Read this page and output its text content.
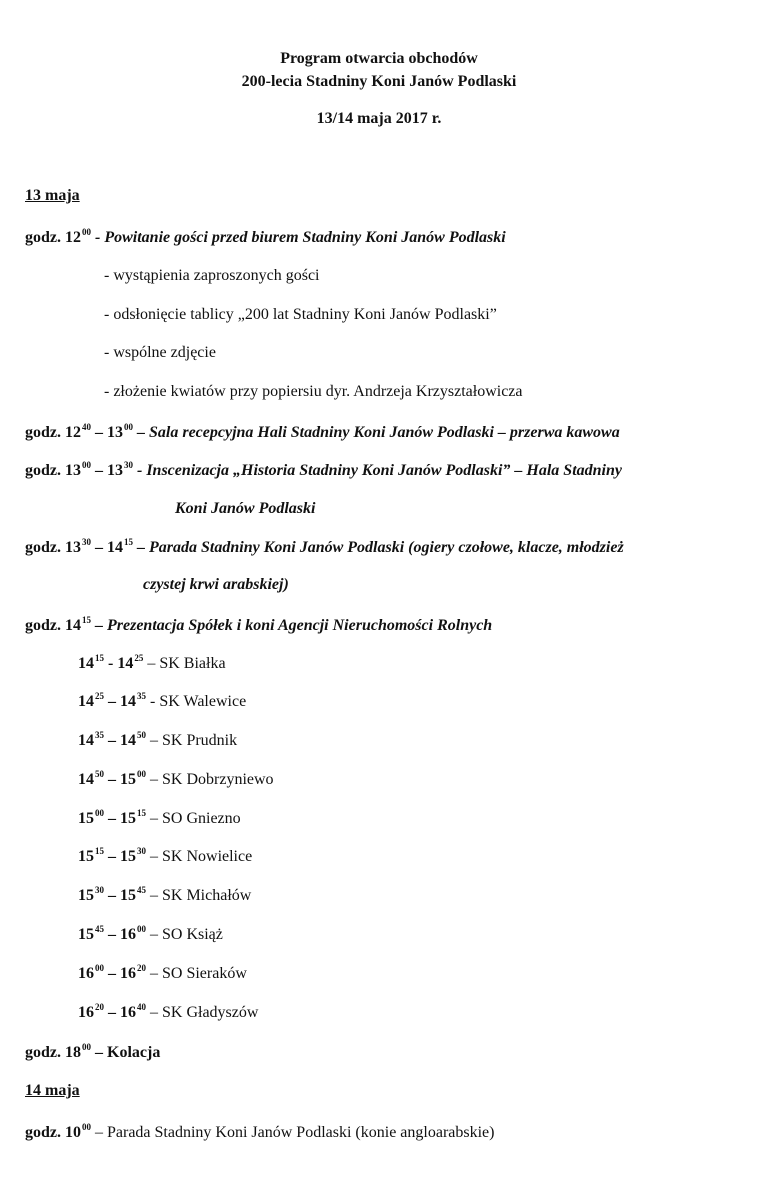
Program otwarcia obchodów
200-lecia Stadniny Koni Janów Podlaski
13/14 maja 2017 r.
13 maja
godz. $12^{00}$ - Powitanie gości przed biurem Stadniny Koni Janów Podlaski
- wystąpienia zaproszonych gości
- odsłonięcie tablicy „200 lat Stadniny Koni Janów Podlaski”
- wspólne zdjęcie
- złożenie kwiatów przy popiersiu dyr. Andrzeja Krzyształowicza
godz. $12^{40} - 13^{00}$ – Sala recepcyjna Hali Stadniny Koni Janów Podlaski – przerwa kawowa
godz. $13^{00} - 13^{30}$ - Inscenizacja „Historia Stadniny Koni Janów Podlaski” – Hala Stadniny
Koni Janów Podlaski
godz. $13^{30} - 14^{15}$ – Parada Stadniny Koni Janów Podlaski (ogiery czołowe, klacze, młodzież
czystej krwi arabskiej)
godz. $14^{15}$ – Prezentacja Spółek i koni Agencji Nieruchomości Rolnych
$14^{15} - 14^{25}$ – SK Białka
$14^{25} - 14^{35}$ - SK Walewice
$14^{35} - 14^{50}$ – SK Prudnik
$14^{50} - 15^{00}$ – SK Dobrzyniewo
$15^{00} - 15^{15}$ – SO Gniezno
$15^{15} - 15^{30}$ – SK Nowielice
$15^{30} - 15^{45}$ – SK Michałów
$15^{45} - 16^{00}$ – SO Książ
$16^{00} - 16^{20}$ – SO Sieraków
$16^{20} - 16^{40}$ – SK Gładyszów
godz. $18^{00}$ – Kolacja
14 maja
godz. $10^{00}$ – Parada Stadniny Koni Janów Podlaski (konie angloarabskie)
